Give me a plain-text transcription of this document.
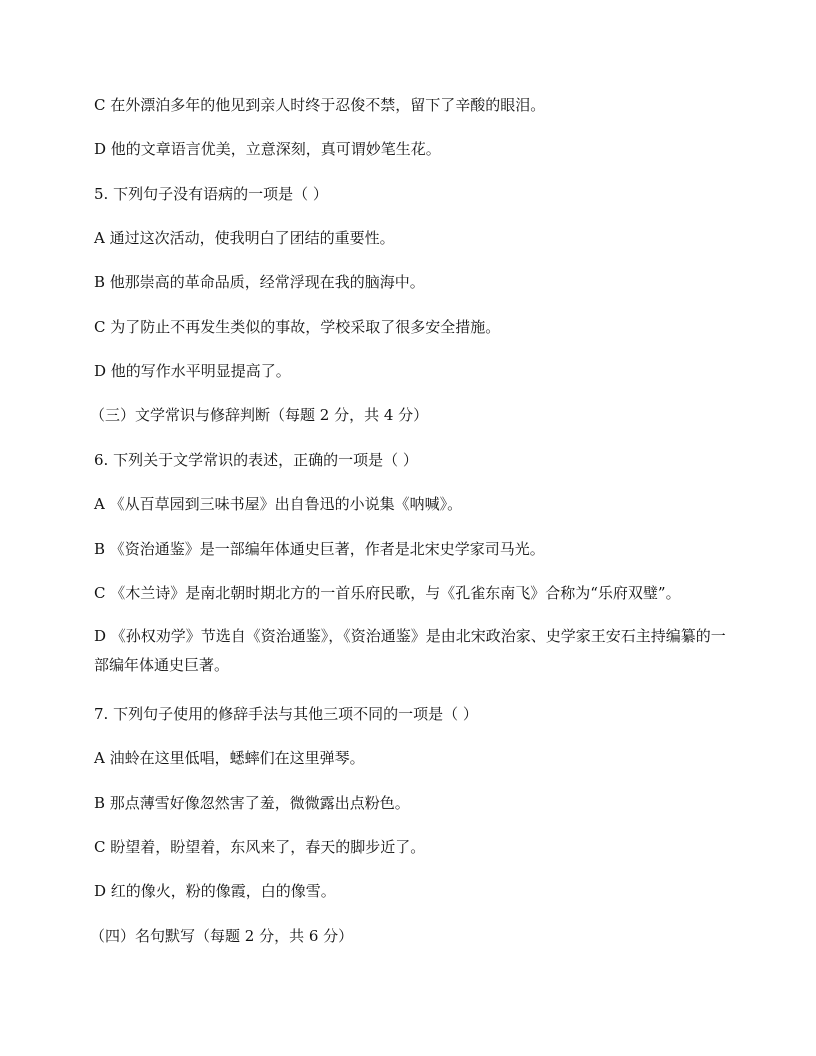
C 在外漂泊多年的他见到亲人时终于忍俊不禁，留下了辛酸的眼泪。
D 他的文章语言优美，立意深刻，真可谓妙笔生花。
5. 下列句子没有语病的一项是（ ）
A 通过这次活动，使我明白了团结的重要性。
B 他那崇高的革命品质，经常浮现在我的脑海中。
C 为了防止不再发生类似的事故，学校采取了很多安全措施。
D 他的写作水平明显提高了。
（三）文学常识与修辞判断（每题 2 分，共 4 分）
6. 下列关于文学常识的表述，正确的一项是（ ）
A 《从百草园到三味书屋》出自鲁迅的小说集《呐喊》。
B 《资治通鉴》是一部编年体通史巨著，作者是北宋史学家司马光。
C 《木兰诗》是南北朝时期北方的一首乐府民歌，与《孔雀东南飞》合称为“乐府双璧”。
D 《孙权劝学》节选自《资治通鉴》，《资治通鉴》是由北宋政治家、史学家王安石主持编纂的一部编年体通史巨著。
7. 下列句子使用的修辞手法与其他三项不同的一项是（ ）
A 油蛉在这里低唱，蟋蟀们在这里弹琴。
B 那点薄雪好像忽然害了羞，微微露出点粉色。
C 盼望着，盼望着，东风来了，春天的脚步近了。
D 红的像火，粉的像霞，白的像雪。
（四）名句默写（每题 2 分，共 6 分）
